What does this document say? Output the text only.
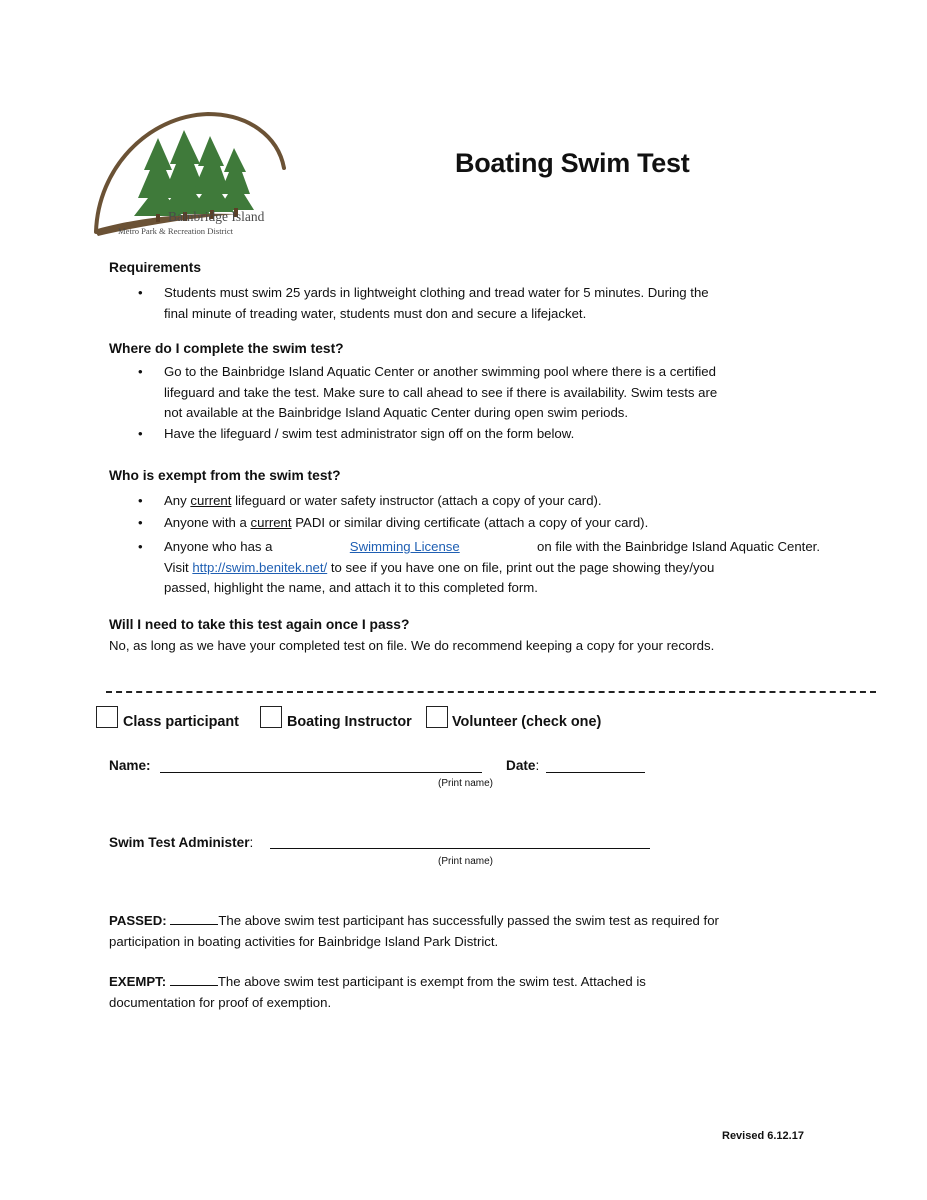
Bainbridge Island
Metro Park & Recreation District
Boating Swim Test
Requirements
• Students must swim 25 yards in lightweight clothing and tread water for 5 minutes. During the
final minute of treading water, students must don and secure a lifejacket.
Where do I complete the swim test?
• Go to the Bainbridge Island Aquatic Center or another swimming pool where there is a certified
lifeguard and take the test. Make sure to call ahead to see if there is availability. Swim tests are
not available at the Bainbridge Island Aquatic Center during open swim periods.
• Have the lifeguard / swim test administrator sign off on the form below.
Who is exempt from the swim test?
• Any current lifeguard or water safety instructor (attach a copy of your card).
• Anyone with a current PADI or similar diving certificate (attach a copy of your card).
• Anyone who has a	Swimming License	on file with the Bainbridge Island Aquatic Center.
Visit http://swim.benitek.net/ to see if you have one on file, print out the page showing they/you
passed, highlight the name, and attach it to this completed form.
Will I need to take this test again once I pass?
No, as long as we have your completed test on file. We do recommend keeping a copy for your records.
Class participant	Boating Instructor	Volunteer (check one)
Name:	Date:
(Print name)
Swim Test Administer:
(Print name)
PASSED:	The above swim test participant has successfully passed the swim test as required for
participation in boating activities for Bainbridge Island Park District.
EXEMPT:	The above swim test participant is exempt from the swim test. Attached is
documentation for proof of exemption.
Revised 6.12.17
